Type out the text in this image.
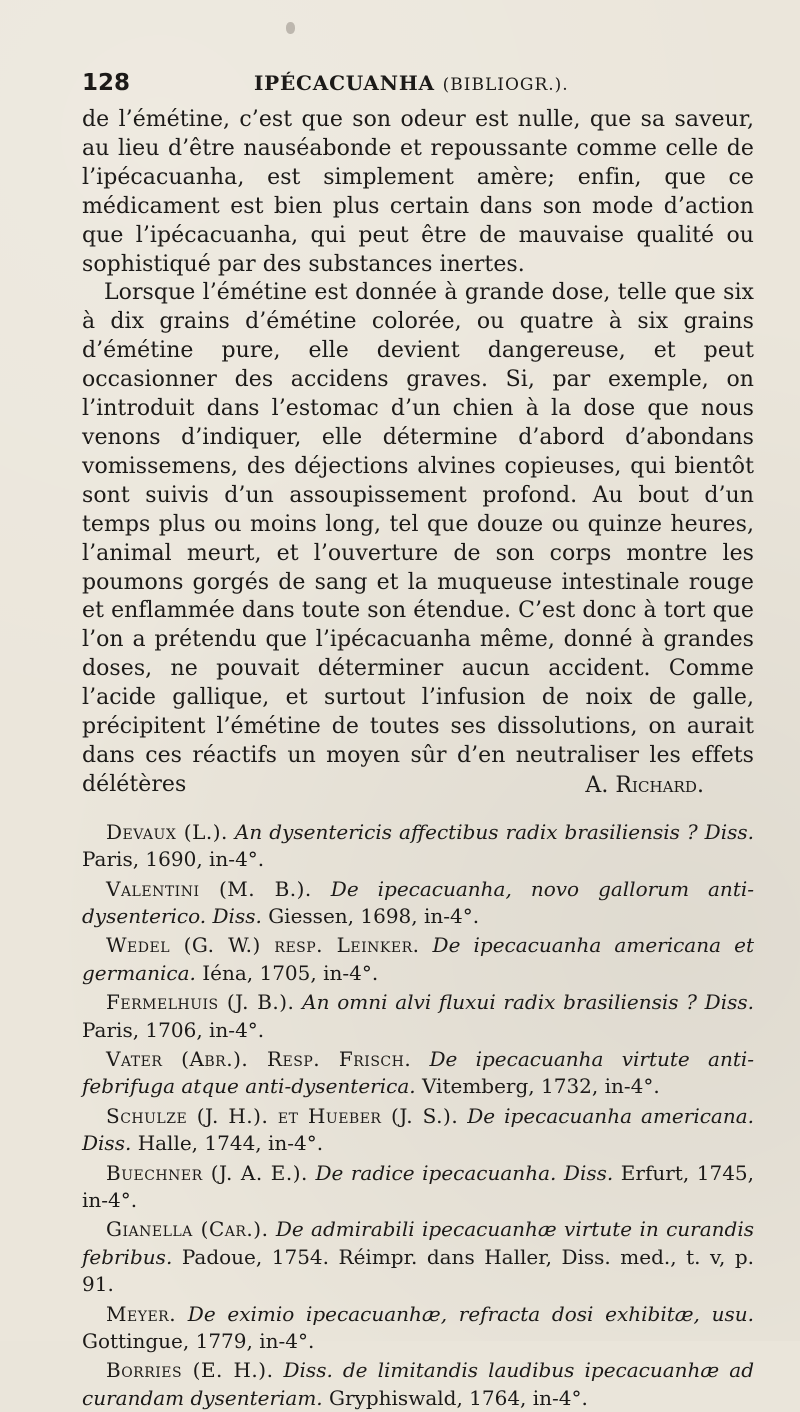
128	IPÉCACUANHA (BIBLIOGR.).

de l’émétine, c’est que son odeur est nulle, que sa saveur, au lieu d’être nauséabonde et repoussante comme celle de l’ipécacuanha, est simplement amère; enfin, que ce médicament est bien plus certain dans son mode d’action que l’ipécacuanha, qui peut être de mauvaise qualité ou sophistiqué par des substances inertes.

Lorsque l’émétine est donnée à grande dose, telle que six à dix grains d’émétine colorée, ou quatre à six grains d’émétine pure, elle devient dangereuse, et peut occasionner des accidens graves. Si, par exemple, on l’introduit dans l’estomac d’un chien à la dose que nous venons d’indiquer, elle détermine d’abord d’abondans vomissemens, des déjections alvines copieuses, qui bientôt sont suivis d’un assoupissement profond. Au bout d’un temps plus ou moins long, tel que douze ou quinze heures, l’animal meurt, et l’ouverture de son corps montre les poumons gorgés de sang et la muqueuse intestinale rouge et enflammée dans toute son étendue. C’est donc à tort que l’on a prétendu que l’ipécacuanha même, donné à grandes doses, ne pouvait déterminer aucun accident. Comme l’acide gallique, et surtout l’infusion de noix de galle, précipitent l’émétine de toutes ses dissolutions, on aurait dans ces réactifs un moyen sûr d’en neutraliser les effets délétères	A. Richard.

Devaux (L.). An dysentericis affectibus radix brasiliensis ? Diss. Paris, 1690, in-4°.

Valentini (M. B.). De ipecacuanha, novo gallorum anti-dysenterico. Diss. Giessen, 1698, in-4°.

Wedel (G. W.) resp. Leinker. De ipecacuanha americana et germanica. Iéna, 1705, in-4°.

Fermelhuis (J. B.). An omni alvi fluxui radix brasiliensis ? Diss. Paris, 1706, in-4°.

Vater (Abr.). Resp. Frisch. De ipecacuanha virtute anti-febrifuga atque anti-dysenterica. Vitemberg, 1732, in-4°.

Schulze (J. H.). et Hueber (J. S.). De ipecacuanha americana. Diss. Halle, 1744, in-4°.

Buechner (J. A. E.). De radice ipecacuanha. Diss. Erfurt, 1745, in-4°.

Gianella (Car.). De admirabili ipecacuanhæ virtute in curandis febribus. Padoue, 1754. Réimpr. dans Haller, Diss. med., t. v, p. 91.

Meyer. De eximio ipecacuanhæ, refracta dosi exhibitæ, usu. Gottingue, 1779, in-4°.

Borries (E. H.). Diss. de limitandis laudibus ipecacuanhæ ad curandam dysenteriam. Gryphiswald, 1764, in-4°.
